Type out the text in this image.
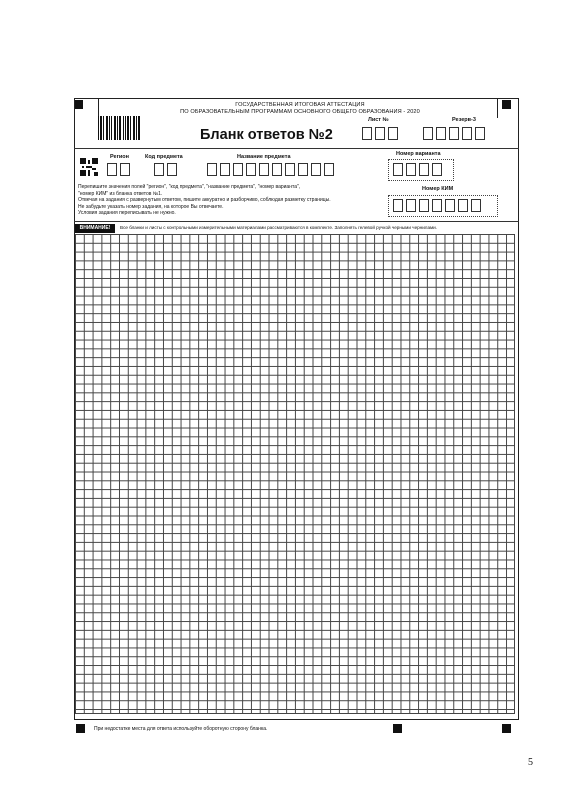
ГОСУДАРСТВЕННАЯ ИТОГОВАЯ АТТЕСТАЦИЯ
ПО ОБРАЗОВАТЕЛЬНЫМ ПРОГРАММАМ ОСНОВНОГО ОБЩЕГО ОБРАЗОВАНИЯ - 2020
Лист №	Резерв-3
Бланк ответов №2
Регион	Код предмета	Название предмета	Номер варианта
Номер КИМ
Перепишите значения полей "регион", "код предмета", "название предмета", "номер варианта",
"номер КИМ" из бланка ответов №1.
Отвечая на задания с развернутым ответом, пишите аккуратно и разборчиво, соблюдая разметку страницы.
Не забудьте указать номер задания, на которое Вы отвечаете.
Условия задания переписывать не нужно.
ВНИМАНИЕ!	Все бланки и листы с контрольными измерительными материалами рассматриваются в комплекте. Заполнять гелевой ручкой черными чернилами.
При недостатке места для ответа используйте оборотную сторону бланка.
5
